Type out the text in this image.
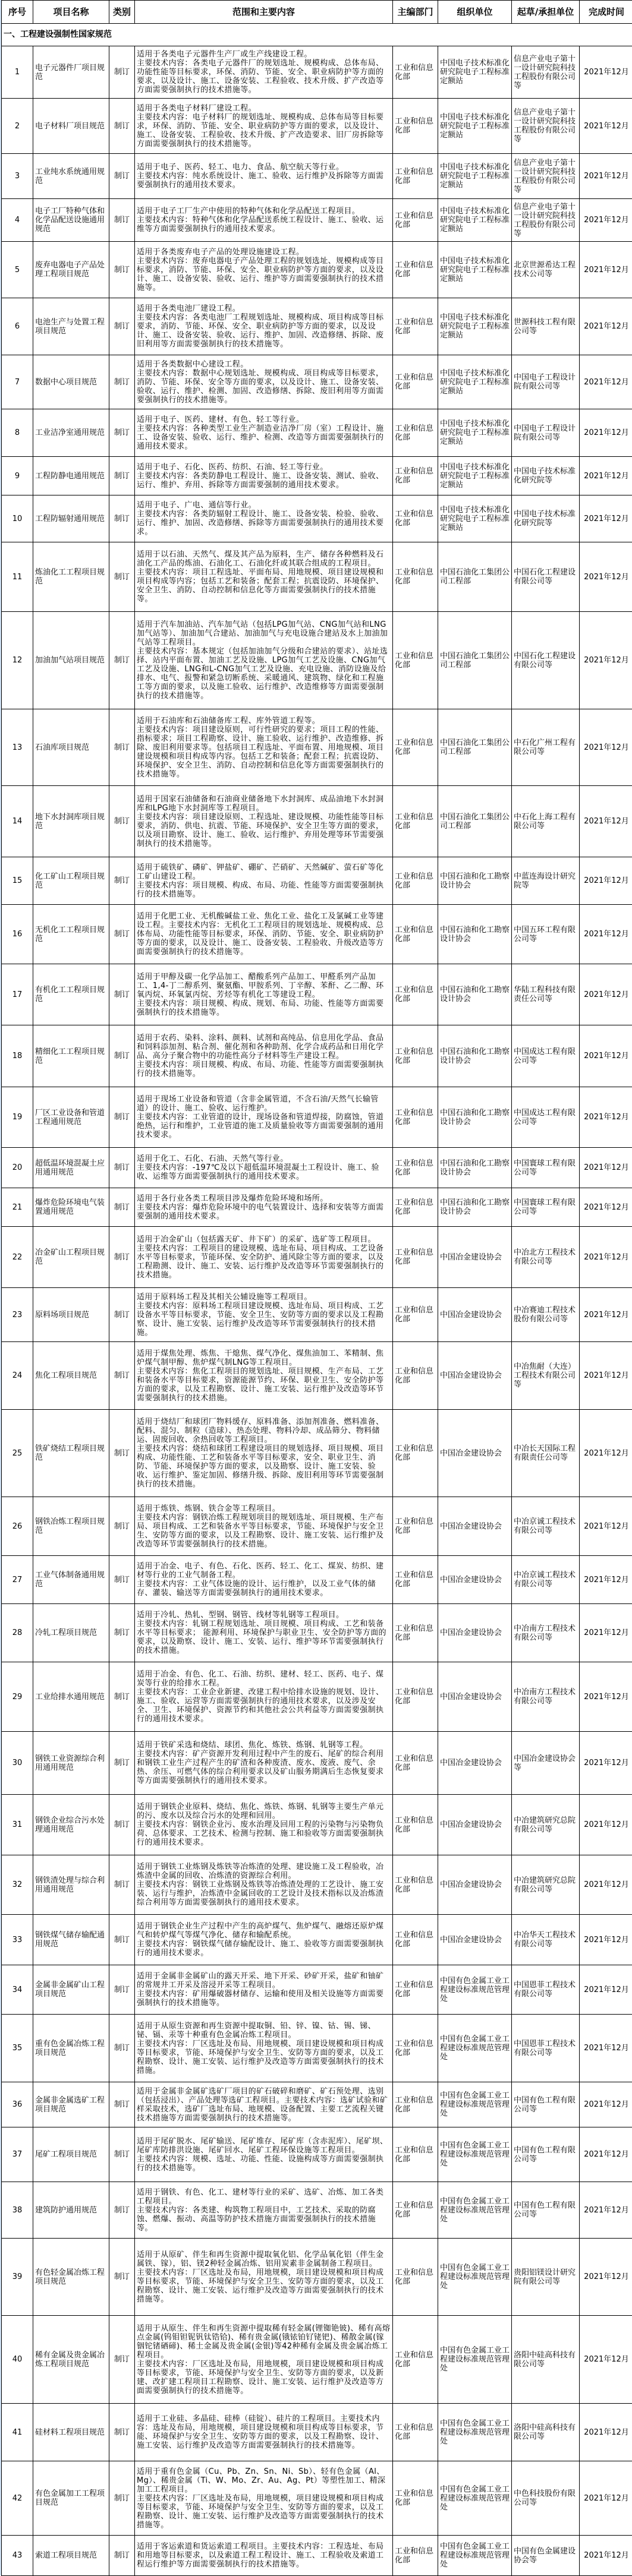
序号	项目名称	类别	范围和主要内容	主编部门	组织单位	起草/承担单位	完成时间
一、工程建设强制性国家规范							
1	电子元器件厂项目规范	制订	适用于各类电子元器件生产厂或生产线建设工程。
主要技术内容：各类电子元器件厂的规划选址、规模构成、总体布局、功能性能等目标要求，环保、消防、节能、安全、职业病防护等方面的要求，以及设计、施工、设备安装、工程验收、技术升级、扩产改造等方面需要强制执行的技术措施等。	工业和信息化部	中国电子技术标准化研究院电子工程标准定额站	信息产业电子第十一设计研究院科技工程股份有限公司等	2021年12月
2	电子材料厂项目规范	制订	适用于各类电子材料厂建设工程。
主要技术内容：电子材料厂的规划选址、规模构成、总体布局等目标要求，环保、消防、节能、安全、职业病防护等方面的要求，以及设计、施工、设备安装、工程验收、技术升级、扩产改造要求、旧厂房拆除等方面需要强制执行的技术措施等。	工业和信息化部	中国电子技术标准化研究院电子工程标准定额站	信息产业电子第十一设计研究院科技工程股份有限公司等	2021年12月
3	工业纯水系统通用规范	制订	适用于电子、医药、轻工、电力、食品、航空航天等行业。
主要技术内容：纯水系统设计、施工、验收、运行维护及拆除等方面需要强制执行的通用技术要求。	工业和信息化部	中国电子技术标准化研究院电子工程标准定额站	信息产业电子第十一设计研究院科技工程股份有限公司等	2021年12月
4	电子工厂特种气体和化学品配送设施通用规范	制订	适用于电子工厂生产中使用的特种气体和化学品配送工程项目。
主要技术内容：特种气体和化学品配送系统工程设计、施工、验收、运维等方面需要强制执行的通用技术要求。	工业和信息化部	中国电子技术标准化研究院电子工程标准定额站	信息产业电子第十一设计研究院科技工程股份有限公司等	2021年12月
5	废弃电器电子产品处理工程项目规范	制订	适用于各类废弃电子产品的处理设施建设工程。
主要技术内容：废弃电器电子产品处理工程的规划选址、规模构成等目标要求，消防、节能、环保、安全、职业病防护等方面的要求，以及设计、施工、设备安装、验收、运行、维护等方面需要强制执行的技术措施等。	工业和信息化部	中国电子技术标准化研究院电子工程标准定额站	北京世源希达工程技术公司等	2021年12月
6	电池生产与处置工程项目规范	制订	适用于各类电池厂建设工程。
主要技术内容：各类电池厂工程规划选址、规模构成、项目构成等目标要求，消防、节能、环保、安全、职业病防护等方面的要求，以及设计、施工、设备安装、验收、运行、维护、加固、改造修缮、拆除、废旧利用等方面需要强制执行的技术措施等。	工业和信息化部	中国电子技术标准化研究院电子工程标准定额站	世源科技工程有限公司等	2021年12月
7	数据中心项目规范	制订	适用于各类数据中心建设工程。
主要技术内容：数据中心规划选址、规模构成、项目构成等目标要求，消防、节能、环保、安全等方面的要求，以及设计、施工、设备安装、验收、运行、维护、检测、加固、改造修缮、拆除、废旧利用等方面需要强制执行的技术措施等。	工业和信息化部	中国电子技术标准化研究院电子工程标准定额站	中国电子工程设计院有限公司等	2021年12月
8	工业洁净室通用规范	制订	适用于电子、医药、建材、有色、轻工等行业。
主要技术内容：各种类型工业生产制造业洁净厂房（室）工程设计、施工、设备安装、验收、运行、维护、检测、改造等方面需要强制执行的通用技术要求。	工业和信息化部	中国电子技术标准化研究院电子工程标准定额站	中国电子工程设计院有限公司等	2021年12月
9	工程防静电通用规范	制订	适用于电子、石化、医药、纺织、石油、轻工等行业。
主要技术内容：各类防静电工程设计、施工、设备安装、测试、验收、运行、维护、弃用、拆除等方面需要强制的通用技术要求。	工业和信息化部	中国电子技术标准化研究院电子工程标准定额站	中国电子技术标准化研究院等	2021年12月
10	工程防辐射通用规范	制订	适用于电子、广电、通信等行业。
主要技术内容：各类防辐射工程设计、施工、设备安装、检验、验收、运行、维护、加固、改造修缮、拆除等方面需要强制执行的通用技术要求。	工业和信息化部	中国电子技术标准化研究院电子工程标准定额站	中国电子技术标准化研究院等	2021年12月
11	炼油化工工程项目规范	制订	适用于以石油、天然气、煤及其产品为原料，生产、储存各种燃料及石油化工产品的炼油、石油化工、石油化纤或其联合组成的工程项目。
主要技术内容：项目工程选址、平面布局、用地规模、项目建设规模和项目构成等内容；包括工艺和装备；配套工程；抗震设防、环境保护、安全卫生、消防、自动控制和信息化等方面需要强制执行的技术措施等。	工业和信息化部	中国石油化工集团公司工程部	中国石化工程建设有限公司等	2021年12月
12	加油加气站项目规范	制订	适用于汽车加油站、汽车加气站（包括LPG加气站、CNG加气站和LNG加气站等）、加油加气合建站、加油加气与充电设施合建站及水上加油加气站等工程项目。
主要技术内容：基本规定（包括加油加气分级和合建站的要求）、站址选择、站内平面布置、加油工艺及设施、LPG加气工艺及设施、CNG加气工艺及设施、LNG和L-CNG加气工艺及设施、充电设施、消防设施及给排水、电气、报警和紧急切断系统、采暖通风、建筑物、绿化和工程施工等方面的要求，以及施工验收、运行维护、改造维修等方面需要强制执行的技术措施等。	工业和信息化部	中国石油化工集团公司工程部	中国石化工程建设有限公司等	2021年12月
13	石油库项目规范	制订	适用于石油库和石油储备库工程、库外管道工程等。
主要技术内容：项目建设原则，可行性研究的要求；项目工程的性能、指标要求；项目工程勘察、设计、施工验收、运行维护、改造维修、拆除、废旧利用要求等。包括项目工程选址、平面布置、用地规模、项目建设规模和项目构成等内容。包括工艺和装备；配套工程；抗震设防、环境保护、安全卫生、消防、自动控制和信息化等方面需要强制执行的技术措施等。	工业和信息化部	中国石油化工集团公司工程部	中石化广州工程有限公司等	2021年12月
14	地下水封洞库项目规范	制订	适用于国家石油储备和石油商业储备地下水封洞库、成品油地下水封洞库和LPG地下水封洞库等工程项目。
主要技术内容：项目建设原则、工程选址、建设规模、功能性能等目标要求，消防、供电、抗震、节能、环境保护、安全卫生等方面的要求，以及项目勘察、设计、施工、验收、运行维护、弃用处理等环节需要强制执行的技术措施等。	工业和信息化部	中国石油化工集团公司工程部	中石化上海工程有限公司等	2021年12月
15	化工矿山工程项目规范	制订	适用于硫铁矿、磷矿、钾盐矿、硼矿、芒硝矿、天然碱矿、萤石矿等化工矿山建设工程。
主要技术内容：项目规模、构成、布局、功能、性能等方面需要强制执行的技术措施等。	工业和信息化部	中国石油和化工勘察设计协会	中蓝连海设计研究院等	2021年12月
16	无机化工工程项目规范	制订	适用于化肥工业、无机酸碱盐工业、焦化工业、盐化工及氯碱工业等建设工程。主要技术内容：无机化工工程项目的规划选址、规模构成、总体布局、功能性能等目标要求，环保、消防、节能、安全、职业病防护等方面的要求，以及设计、施工、设备安装、工程验收、升级改造等方面需要强制执行的技术措施等。	工业和信息化部	中国石油和化工勘察设计协会	中国五环工程有限公司等	2021年12月
17	有机化工工程项目规范	制订	适用于甲醇及碳一化学品加工、醋酸系列产品加工、甲醛系列产品加工、1,4-丁二醇系列、聚氨酯、甲胺系列、丁辛醇、苯酐、乙二醇、环氧丙烷、环氧氯丙烷、芳烃等有机化工等建设工程。
主要技术内容：项目规模、构成、规划、布局、功能、性能等方面需要强制执行的技术措施等。	工业和信息化部	中国石油和化工勘察设计协会	华陆工程科技有限责任公司等	2021年12月
18	精细化工工程项目规范	制订	适用于农药、染料、涂料、颜料、试剂和高纯品、信息用化学品、食品和饲料添加剂、粘合剂、催化剂和各种助剂、化学合成药品和日用化学品、高分子聚合物中的功能性高分子材料等生产建设工程。
主要技术内容：项目规模、构成、布局、功能、性能等方面需要强制执行的技术措施等。	工业和信息化部	中国石油和化工勘察设计协会	中国成达工程有限公司等	2021年12月
19	厂区工业设备和管道工程通用规范	制订	适用于现场工业设备和管道（含非金属管道，不含石油/天然气长输管道）的设计、施工、验收、运行维护。
主要技术内容：工业管道的设计，现场设备和管道焊接，防腐蚀，管道绝热，运行和维护，工业管道的施工及质量验收等方面需要强制的通用技术要求。	工业和信息化部	中国石油和化工勘察设计协会	中国成达工程有限公司等	2021年12月
20	超低温环境混凝土应用通用规范	制订	适用于化工、石化、石油、天然气等行业。
主要技术内容：-197℃及以下超低温环境混凝土工程设计、施工、验收、运维等方面需要强制执行的通用技术要求。	工业和信息化部	中国石油和化工勘察设计协会	中国寰球工程有限公司等	2021年12月
21	爆炸危险环境电气装置通用规范	制订	适用于各行业各类工程项目涉及爆炸危险环境和场所。
主要技术内容：爆炸危险环境中的电气装置设计、选择和安装等方面需要强制的通用技术要求。	工业和信息化部	中国石油和化工勘察设计协会	中国寰球工程有限公司等	2021年12月
22	冶金矿山工程项目规范	制订	适用于冶金矿山（包括露天矿、井下矿）的采矿、选矿等工程项目。
主要技术内容：工程项目的建设规模、选址布局、项目构成、工艺设备水平等目标要求，节能环保、安全防护、通风除尘等方面的要求，以及工程勘测、设计、施工、安装、运行维护及改造等环节需要强制执行的技术措施。	工业和信息化部	中国冶金建设协会	中冶北方工程技术有限公司等	2021年12月
23	原料场项目规范	制订	适用于原料场工程及其相关公辅设施等工程项目。
主要技术内容：原料场工程项目建设规模、选址布局、项目构成、工艺设备水平等目标要求，节能、安全卫生、安防等方面的要求以及工程勘察、设计、施工安装、运行维护及改造等环节需要强制执行的技术措施。	工业和信息化部	中国冶金建设协会	中冶赛迪工程技术股份有限公司等	2021年12月
24	焦化工程项目规范	制订	适用于煤焦处理、炼焦、干熄焦、煤气净化、煤焦油加工、苯精制、焦炉煤气制甲醇、焦炉煤气制LNG等工程项目。
主要技术内容：焦化工程项目的规划选址、项目规模、生产布局、工艺和装备水平等目标要求，资源能源节约、环保、职业卫生、安全防护等方面的要求，以及工程勘察、设计、施工安装、运行维护及改造等环节需要强制执行的技术措施。	工业和信息化部	中国冶金建设协会	中冶焦耐（大连）工程技术有限公司等	2021年12月
25	铁矿烧结工程项目规范	制订	适用于烧结厂和球团厂物料缓存、原料准备、添加剂准备、燃料准备、配料、混匀、制粒（造球）、热态处理、物料冷却、成品筛分、物料储运、固废回收、余热回收等工程项目。
主要技术内容：烧结和球团工程建设项目的规划选择、项目规模、项目构成、功能性能、工艺和装备水平等目标要求，安全、职业卫生、消防、节能、环境保护等方面的要求，以及勘察、设计、施工安装、验收、运行维护、鉴定加固、修缮升级、拆除、废旧利用等环节需要强制执行的技术措施。	工业和信息化部	中国冶金建设协会	中冶长天国际工程有限责任公司等	2021年12月
26	钢铁冶炼工程项目规范	制订	适用于炼铁、炼钢、铁合金等工程项目。
主要技术内容：钢铁冶炼工程规划项目的规划选址、项目规模、生产布局、项目构成、工艺和装备水平等目标要求，节能、环境保护与安全卫生、安防等方面的要求，以及工程勘察、设计、施工安装、运行维护及改造等环节需要强制执行的技术措施。	工业和信息化部	中国冶金建设协会	中冶京诚工程技术有限公司等	2021年12月
27	工业气体制备通用规范	制订	适用于冶金、电子、有色、石化、医药、轻工、化工、煤炭、纺织、建材等行业的工业气制备工程。
主要技术内容：工业气体设施的设计、运行维护，以及工业气体的储存、灌装、输送等方面需要强制执行的通用技术要求。	工业和信息化部	中国冶金建设协会	中冶京诚工程技术有限公司等	2021年12月
28	冷轧工程项目规范	制订	适用于冷轧、热轧、型钢、钢管、线材等轧钢等工程项目。
主要技术内容：轧钢工程规划选址、项目规模、项目构成、工艺和装备水平等目标要求； 能源利用、环境保护与职业卫生、安全防护等方面的要求，以及勘察、设计、施工、安装、运行、维护等环节需要强制执行的技术措施。	工业和信息化部	中国冶金建设协会	中冶南方工程技术有限公司等	2021年12月
29	工业给排水通用规范	制订	适用于冶金、有色、化工、石油、纺织、建材、轻工、医药、电子、煤炭等行业的给排水工程。
主要技术内容：工业企业新建、改建工程中给排水设施的规划、设计、施工、验收、运营等方面需要强制执行的通用技术要求，以及涉及安全、卫生、环境保护、资源节约和其他社会公共利益等方面需要强制执行的通用技术要求。	工业和信息化部	中国冶金建设协会	中冶南方工程技术有限公司等	2021年12月
30	钢铁工业资源综合利用通用规范	制订	适用于铁矿采选和烧结、球团、焦化、炼铁、炼钢、轧钢等工程。
主要技术内容：矿产资源开发利用过程中产生的废石、尾矿的综合利用和钢铁工业生产过程产生的矿渣和各种废渣、废水、废液、废气、余热、余压、可燃气体的综合利用要求以及矿山服务期满后生态恢复要求等方面需要强制执行的通用技术要求。	工业和信息化部	中国冶金建设协会	中国冶金建设协会等	2021年12月
31	钢铁企业综合污水处理通用规范	制订	适用于钢铁企业原料、烧结、焦化、炼铁、炼钢、轧钢等主要生产单元的污、废水以及综合污水的处理和回用。
主要技术内容：钢铁企业污、废水治理及回用工程的污染物与污染物负荷、总体要求、工艺技术、检测与控制、施工和验收等方面需要强制执行的通用技术要求。	工业和信息化部	中国冶金建设协会	中冶建筑研究总院有限公司等	2021年12月
32	钢铁渣处理与综合利用通用规范	制订	适用于钢铁工业炼钢及炼铁等冶炼渣的处理、建设施工及工程验收，冶炼渣中金属的回收、冶炼渣的资源综合利用。
主要技术内容：钢铁工业炼钢及炼铁等冶炼渣处理的工艺设计、施工安装、运行与维护，冶炼渣中金属回收的工艺设计及技术指标以及冶炼渣综合利用等方面需要强制执行的通用技术要求。	工业和信息化部	中国冶金建设协会	中冶建筑研究总院有限公司等	2021年12月
33	钢铁煤气储存输配通用规范	制订	适用于钢铁企业生产过程中产生的高炉煤气、焦炉煤气、融熔还原炉煤气和转炉煤气等煤气净化、储存和输配系统。
主要技术内容：钢铁煤气储存输配设计、施工、验收等方面需要强制执行的通用技术要求。	工业和信息化部	中国冶金建设协会	中冶华天工程技术有限公司等	2021年12月
34	金属非金属矿山工程项目规范	制订	适用于金属非金属矿山的露天开采、地下开采、砂矿开采，盐矿和铀矿的常规井工开采及溶浸开采等工程项目。
主要技术内容：矿用爆破器材储存、运输和使用及相关设施等方面需要强制执行的技术措施等。	工业和信息化部	中国有色金属工业工程建设标准规范管理处	中国恩菲工程技术有限公司等	2021年12月
35	重有色金属冶炼工程项目规范	制订	适用于从原生资源和再生资源中提取铜、铅、锌、镍、钴、锡、锑、铋、镉、汞等十种重有色金属冶炼工程项目。
主要技术内容：厂区选址及布局、用地规模、项目建设规模和项目构成等目标要求，节能、环境保护与安全卫生、安防等方面的要求，以及工程勘察、设计、施工安装、运行维护及改造等方面需要强制执行的技术措施。	工业和信息化部	中国有色金属工业工程建设标准规范管理处	中国恩菲工程技术有限公司等	2021年12月
36	金属非金属选矿工程项目规范	制订	适用于金属非金属矿选矿厂项目的矿石破碎和磨矿、矿石预处理、选别（包括浸出）、产品处理等选矿工程项目。主要技术内容：选矿试验和矿样采取技术，选矿厂选址布局、地规模、设备配置、主要工艺流程关键技术措施等方面需要强制执行的技术措施等。	工业和信息化部	中国有色金属工业工程建设标准规范管理处	中国有色工程有限公司等	2021年12月
37	尾矿工程项目规范	制订	适用于尾矿脱水、尾矿输送、尾矿堆存、尾矿库（含赤泥库）、尾矿坝、尾矿库防排洪设施、尾矿回水、尾矿工程环保设施等工程项目。
主要技术内容：规模、选址、功能、性能、设施构成等方面需要强制执行的技术措施等。	工业和信息化部	中国有色金属工业工程建设标准规范管理处	中国有色工程有限公司等	2021年12月
38	建筑防护通用规范	制订	适用于钢铁、有色、化工、建材等行业的采矿、选矿、冶炼、加工各类工程项目。
主要技术内容：各类建、构筑物工程项目中，工艺技术、采取的防腐蚀、燃爆、振动、高温等防护技术措施方面需要强制执行的技术措施等。	工业和信息化部	中国有色金属工业工程建设标准规范管理处	中国有色工程有限公司等	2021年12月
39	有色轻金属冶炼工程项目规范	制订	适用于从原矿、伴生和再生资源中提取氧化铝、化学品氧化铝（伴生金属铁、镓），铝、镁2种轻金属冶炼、铝用炭素非金属制备工程项目。
主要技术内容：厂区选址及布局，用地规模，项目建设规模和项目构成等目标要求，节能、环境保护与安全卫生、安防等方面的要求，以及工程勘察、设计、施工安装、运行维护及改造等方面需要强制执行的技术措施等。	工业和信息化部	中国有色金属工业工程建设标准规范管理处	贵阳铝镁设计研究院有限公司等	2021年12月
40	稀有金属及贵金属冶炼工程项目规范	制订	适用于从原生、伴生和再生资源中提取稀有轻金属(锂铷铯铍)、稀有高熔点金属(钨钼钽铌钒钛锆铪)、稀有贵金属(锇铱铂钌铑钯)、稀散金属(镓铟铊锗硒碲)、稀土金属及贵金属(金银)等42种稀有金属及贵金属冶炼工程项目。
主要技术内容：厂区选址及布局，用地规模，项目建设规模和项目构成等目标要求，节能、环境保护与安全卫生、安防等方面的要求，以及新建、改扩建工程项目工程勘察、设计、施工安装、运行维护及改造等方面需要强制执行的技术措施等。	工业和信息化部	中国有色金属工业工程建设标准规范管理处	洛阳中硅高科技有限公司等	2021年12月
41	硅材料工程项目规范	制订	适用于工业硅、多晶硅、硅棒（硅锭）、硅片的工程项目。主要技术内容：选址及布局，用地规模，项目建设规模和项目构成等目标要求，节能、环境保护与安全卫生、安防等方面的要求，以及工程勘察、设计、施工安装、运行维护及改造等方面需要强制执行的技术措施等。	工业和信息化部	中国有色金属工业工程建设标准规范管理处	洛阳中硅高科技有限公司等	2021年12月
42	有色金属加工工程项目规范	制订	适用于重有色金属（Cu、Pb、Zn、Sn、Ni、Sb）、轻有色金属（Al、Mg）、稀贵金属（Ti、W、Mo、Zr、Au、Ag、Pt）等塑性加工、精深加工工程项目。
主要技术内容：厂区选址及布局，用地规模，项目建设规模和项目构成等目标要求，节能、环境保护与安全卫生、安防等方面的要求，以及工程勘察、设计、施工安装、运行维护及改造等方面需要强制执行的技术措施等。	工业和信息化部	中国有色金属工业工程建设标准规范管理处	中色科技股份有限公司等	2021年12月
43	索道工程项目规范	制订	适用于客运索道和货运索道工程项目。主要技术内容：工程选址、布局和用地等目标要求，以及索道工程工程设计、施工、工程验收及索道工程运行维护等方面需要强制执行的技术措施等。	工业和信息化部	中国有色金属工业工程建设标准规范管理处	中国有色金属建设协会等	2021年12月
